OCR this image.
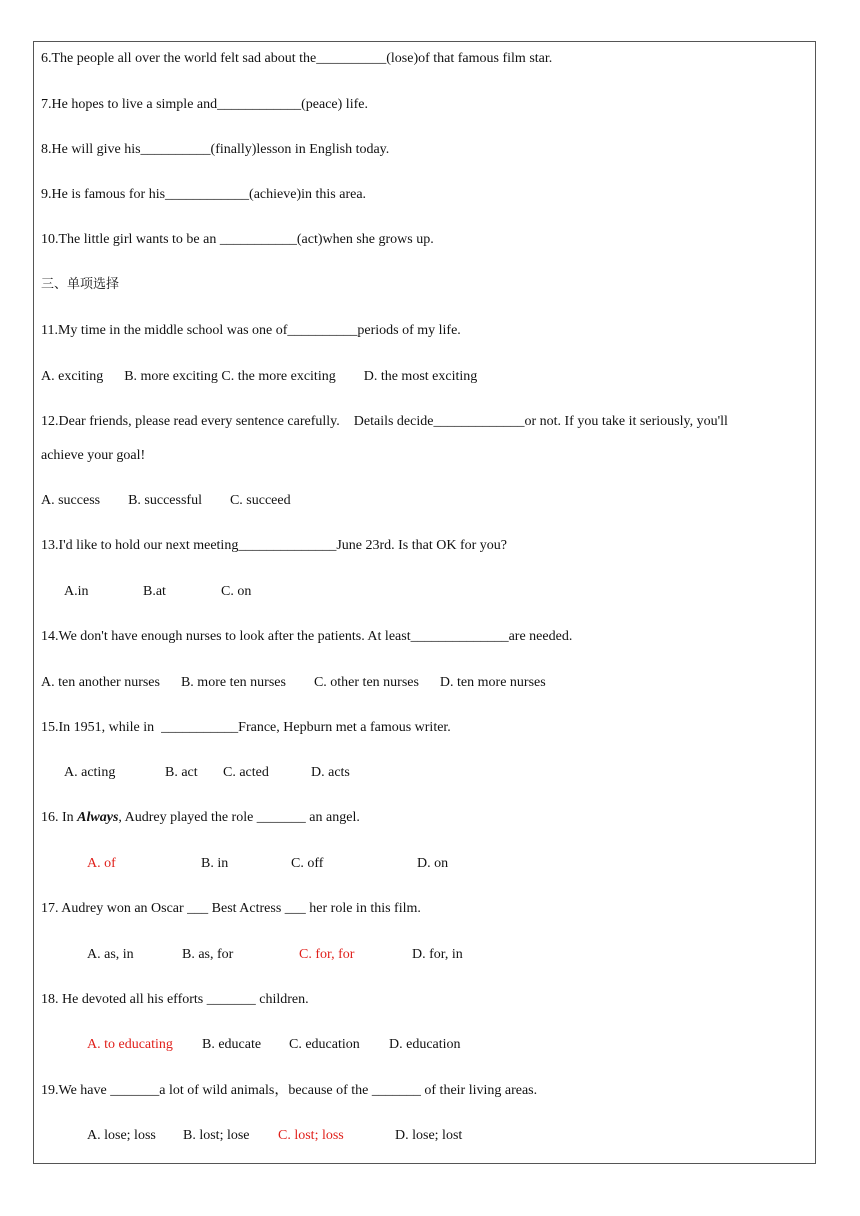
6.The people all over the world felt sad about the__________(lose)of that famous film star.
7.He hopes to live a simple and____________(peace) life.
8.He will give his__________(finally)lesson in English today.
9.He is famous for his____________(achieve)in this area.
10.The little girl wants to be an ___________(act)when she grows up.
三、单项选择
11.My time in the middle school was one of__________periods of my life.
A. exciting      B. more exciting C. the more exciting        D. the most exciting
12.Dear friends, please read every sentence carefully.    Details decide_____________or not. If you take it seriously, you'll
achieve your goal!
A. success        B. successful        C. succeed
13.I'd like to hold our next meeting______________June 23rd. Is that OK for you?
A.in	B.at	C. on
14.We don't have enough nurses to look after the patients. At least______________are needed.
A. ten another nurses      B. more ten nurses        C. other ten nurses      D. ten more nurses
15.In 1951, while in  ___________France, Hepburn met a famous writer.
A. acting	B. act C. acted	D. acts
16. In Always, Audrey played the role _______ an angel.
A. of	B. in	C. off	D. on
17. Audrey won an Oscar ___ Best Actress ___ her role in this film.
A. as, in	B. as, for	C. for, for	D. for, in
18. He devoted all his efforts _______ children.
A. to educating B. educate C. education D. education
19.We have _______a lot of wild animals，because of the _______ of their living areas.
A. lose; loss B. lost; lose C. lost; loss	D. lose; lost
